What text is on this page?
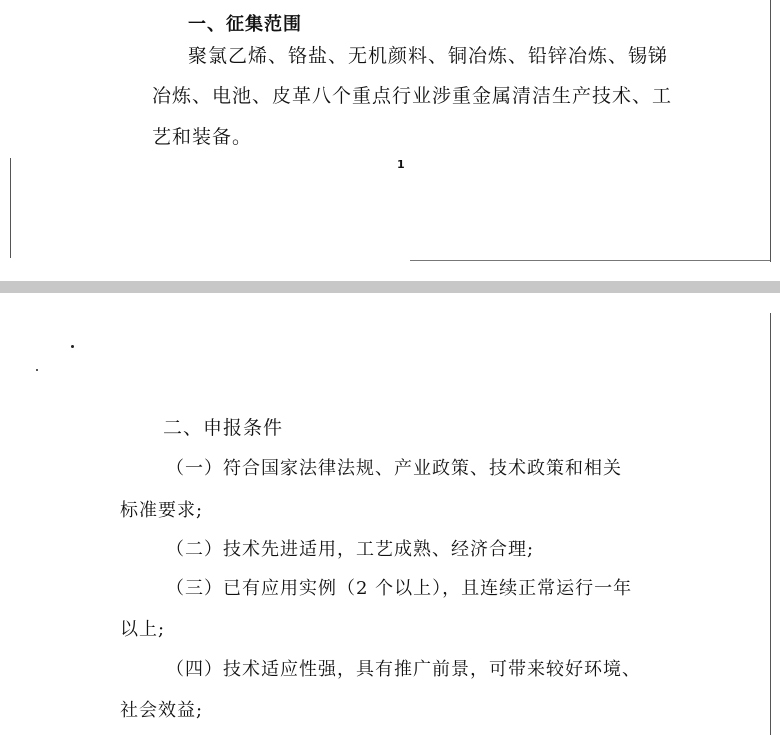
一、征集范围
聚氯乙烯、铬盐、无机颜料、铜冶炼、铅锌冶炼、锡锑
冶炼、电池、皮革八个重点行业涉重金属清洁生产技术、工
艺和装备。
1
二、申报条件
（一）符合国家法律法规、产业政策、技术政策和相关
标准要求;
（二）技术先进适用，工艺成熟、经济合理;
（三）已有应用实例（2 个以上），且连续正常运行一年
以上;
（四）技术适应性强，具有推广前景，可带来较好环境、
社会效益;
